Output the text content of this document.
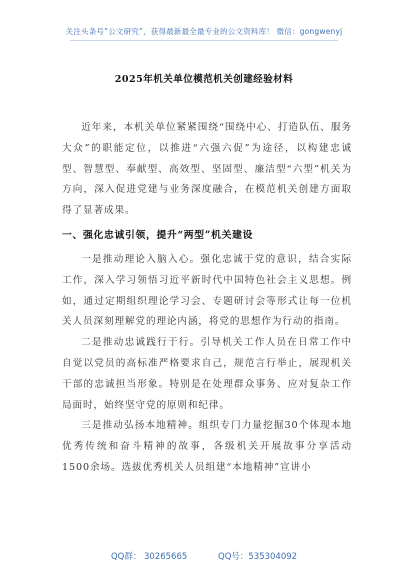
关注头条号“公文研究”，获得最新最全最专业的公文资料库！ 微信：gongwenyj
2025年机关单位模范机关创建经验材料

近年来，本机关单位紧紧围绕“围绕中心、打造队伍、服务大众”的职能定位，以推进“六强六促”为途径，以构建忠诚型、智慧型、奉献型、高效型、坚固型、廉洁型“六型”机关为方向，深入促进党建与业务深度融合，在模范机关创建方面取得了显著成果。

一、强化忠诚引领，提升“两型”机关建设

一是推动理论入脑入心。强化忠诚于党的意识，结合实际工作，深入学习领悟习近平新时代中国特色社会主义思想。例如，通过定期组织理论学习会、专题研讨会等形式让每一位机关人员深刻理解党的理论内涵，将党的思想作为行动的指南。

二是推动忠诚践行于行。引导机关工作人员在日常工作中自觉以党员的高标准严格要求自己，规范言行举止，展现机关干部的忠诚担当形象。特别是在处理群众事务、应对复杂工作局面时，始终坚守党的原则和纪律。

三是推动弘扬本地精神。组织专门力量挖掘30个体现本地优秀传统和奋斗精神的故事，各级机关开展故事分享活动1500余场。选拔优秀机关人员组建“本地精神”宣讲小

QQ群： 30265665	QQ号：535304092
